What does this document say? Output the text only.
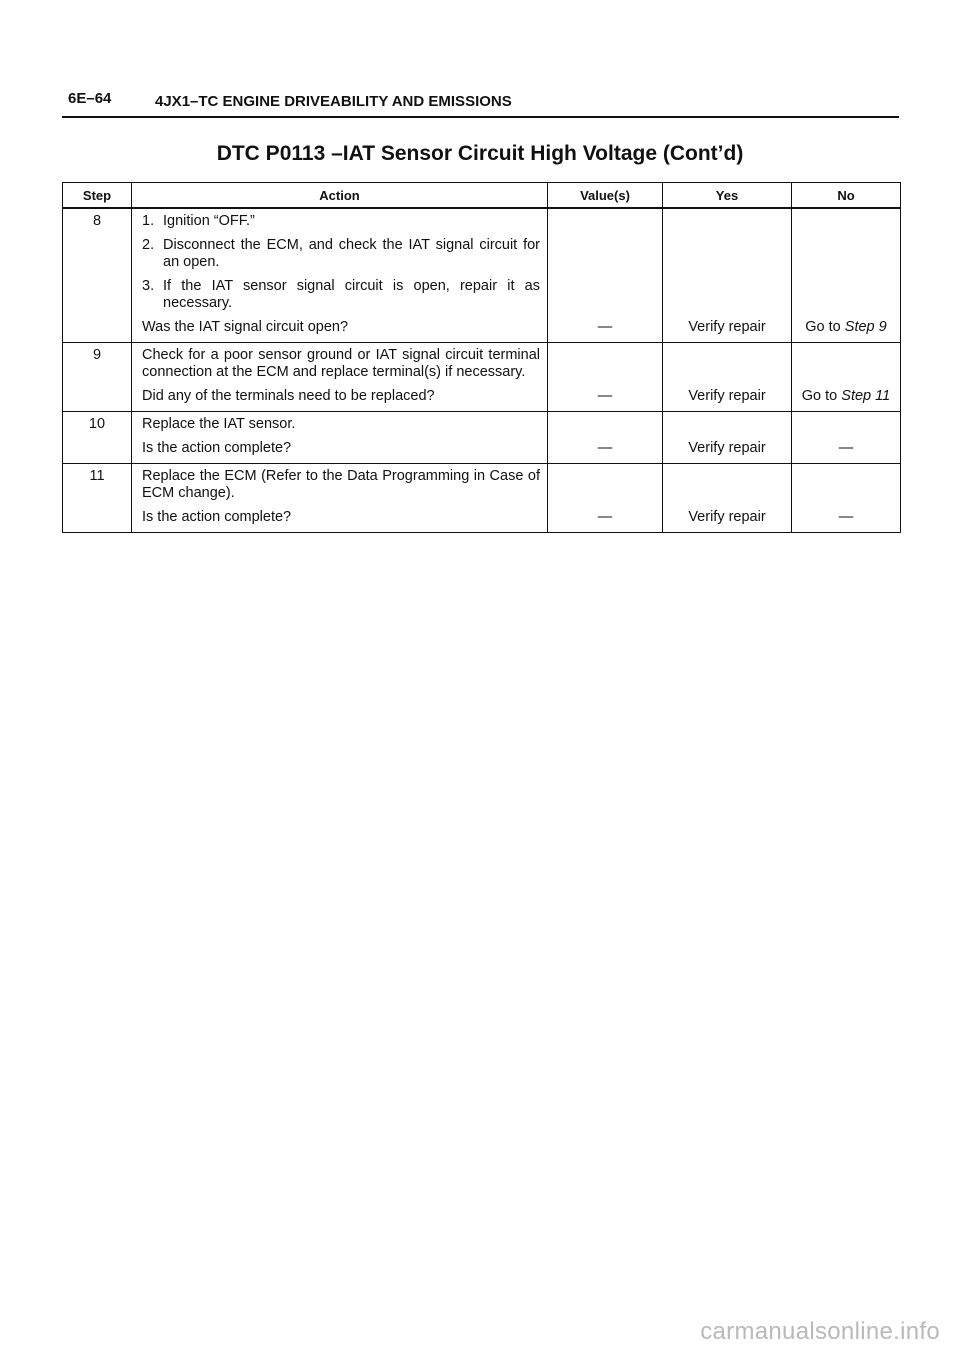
6E–64	4JX1–TC ENGINE DRIVEABILITY AND EMISSIONS
DTC P0113 –IAT Sensor Circuit High Voltage (Cont’d)
Step	Action	Value(s)	Yes	No
8	1. Ignition “OFF.”
2. Disconnect the ECM, and check the IAT signal circuit for an open.
3. If the IAT sensor signal circuit is open, repair it as necessary.
Was the IAT signal circuit open?	—	Verify repair	Go to Step 9
9	Check for a poor sensor ground or IAT signal circuit terminal connection at the ECM and replace terminal(s) if necessary.
Did any of the terminals need to be replaced?	—	Verify repair	Go to Step 11
10	Replace the IAT sensor.
Is the action complete?	—	Verify repair	—
11	Replace the ECM (Refer to the Data Programming in Case of ECM change).
Is the action complete?	—	Verify repair	—
carmanualsonline.info
